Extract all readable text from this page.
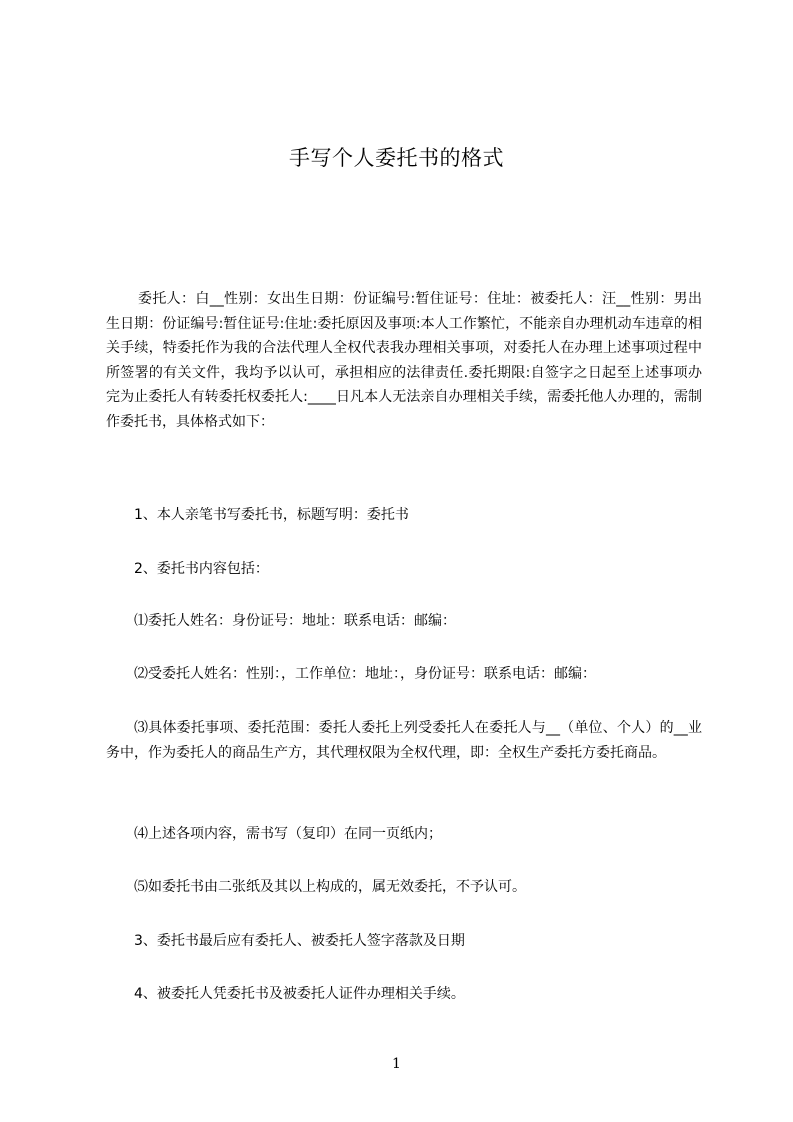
手写个人委托书的格式

委托人：白__性别：女出生日期：份证编号:暂住证号：住址：被委托人：汪__性别：男出生日期：份证编号:暂住证号:住址:委托原因及事项:本人工作繁忙，不能亲自办理机动车违章的相关手续，特委托作为我的合法代理人全权代表我办理相关事项，对委托人在办理上述事项过程中所签署的有关文件，我均予以认可，承担相应的法律责任.委托期限:自签字之日起至上述事项办完为止委托人有转委托权委托人:____日凡本人无法亲自办理相关手续，需委托他人办理的，需制作委托书，具体格式如下：

1、本人亲笔书写委托书，标题写明：委托书

2、委托书内容包括：

⑴委托人姓名：身份证号：地址：联系电话：邮编：

⑵受委托人姓名：性别：，工作单位：地址：，身份证号：联系电话：邮编：

⑶具体委托事项、委托范围：委托人委托上列受委托人在委托人与__（单位、个人）的__业务中，作为委托人的商品生产方，其代理权限为全权代理，即：全权生产委托方委托商品。

⑷上述各项内容，需书写（复印）在同一页纸内；

⑸如委托书由二张纸及其以上构成的，属无效委托，不予认可。

3、委托书最后应有委托人、被委托人签字落款及日期

4、被委托人凭委托书及被委托人证件办理相关手续。

1
